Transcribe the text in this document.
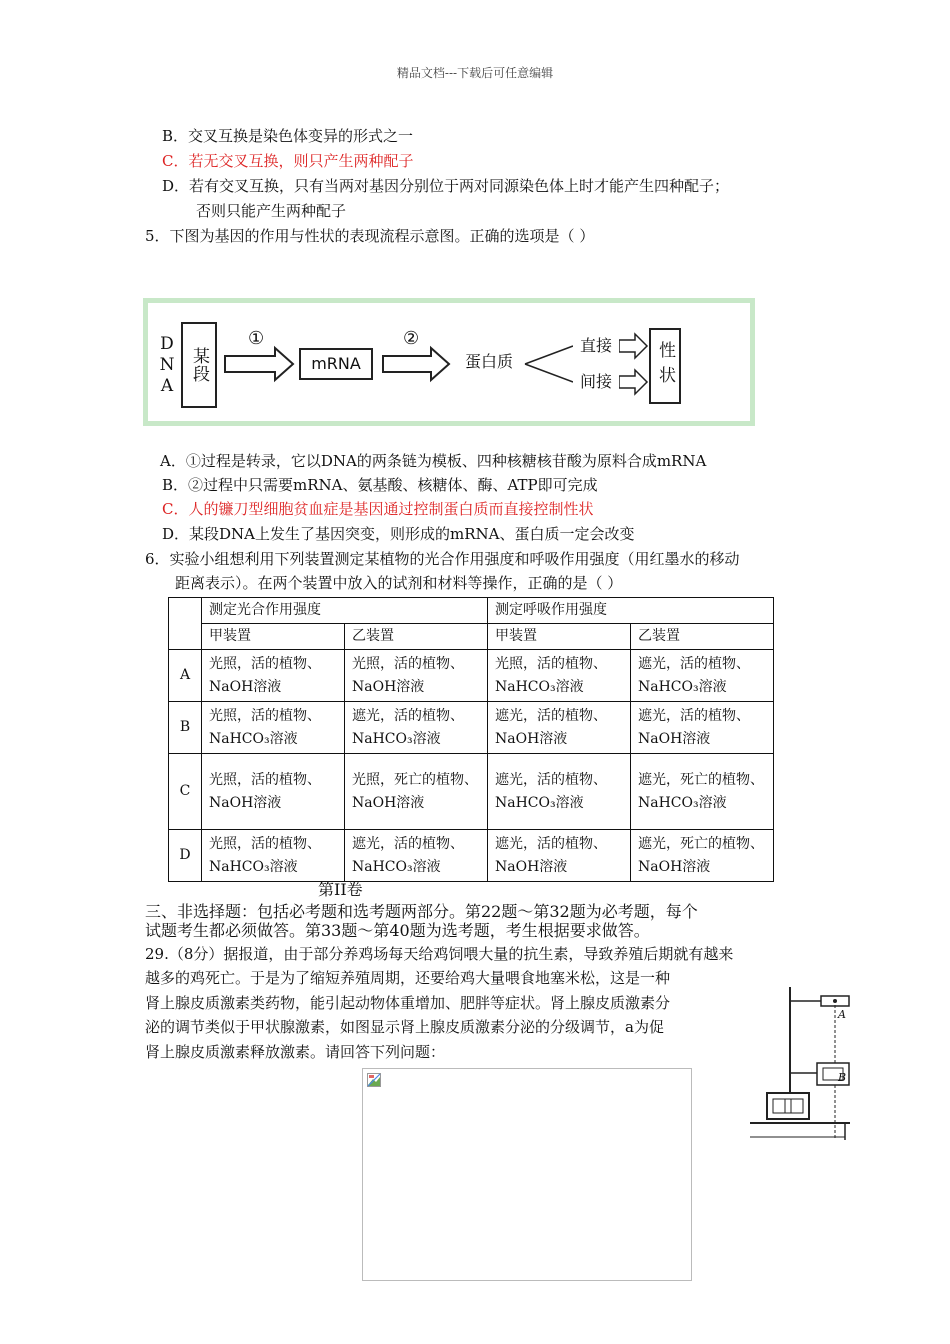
精品文档---下载后可任意编辑
B．交叉互换是染色体变异的形式之一
C．若无交叉互换，则只产生两种配子
D．若有交叉互换，只有当两对基因分别位于两对同源染色体上时才能产生四种配子；
否则只能产生两种配子
5．下图为基因的作用与性状的表现流程示意图。正确的选项是（ ）
某段DNA	①	②
mRNA	蛋白质
直接
间接	性状
A．①过程是转录，它以DNA的两条链为模板、四种核糖核苷酸为原料合成mRNA
B．②过程中只需要mRNA、氨基酸、核糖体、酶、ATP即可完成
C．人的镰刀型细胞贫血症是基因通过控制蛋白质而直接控制性状
D．某段DNA上发生了基因突变，则形成的mRNA、蛋白质一定会改变
6．实验小组想利用下列装置测定某植物的光合作用强度和呼吸作用强度（用红墨水的移动
距离表示）。在两个装置中放入的试剂和材料等操作，正确的是（ ）
	测定光合作用强度		测定呼吸作用强度	
	甲装置	乙装置	甲装置	乙装置
A	光照，活的植物、NaOH溶液	光照，活的植物、NaOH溶液	光照，活的植物、NaHCO₃溶液	遮光，活的植物、NaHCO₃溶液
B	光照，活的植物、NaHCO₃溶液	遮光，活的植物、NaHCO₃溶液	遮光，活的植物、NaOH溶液	遮光，活的植物、NaOH溶液
C	光照，活的植物、NaOH溶液	光照，死亡的植物、NaOH溶液	遮光，活的植物、NaHCO₃溶液	遮光，死亡的植物、NaHCO₃溶液
D	光照，活的植物、NaHCO₃溶液	遮光，活的植物、NaHCO₃溶液	遮光，活的植物、NaOH溶液	遮光，死亡的植物、NaOH溶液
第II卷
三、非选择题：包括必考题和选考题两部分。第22题～第32题为必考题，每个
试题考生都必须做答。第33题～第40题为选考题，考生根据要求做答。
29.（8分）据报道，由于部分养鸡场每天给鸡饲喂大量的抗生素，导致养殖后期就有越来
越多的鸡死亡。于是为了缩短养殖周期，还要给鸡大量喂食地塞米松，这是一种
肾上腺皮质激素类药物，能引起动物体重增加、肥胖等症状。肾上腺皮质激素分
泌的调节类似于甲状腺激素，如图显示肾上腺皮质激素分泌的分级调节，a为促
肾上腺皮质激素释放激素。请回答下列问题：
A
B
